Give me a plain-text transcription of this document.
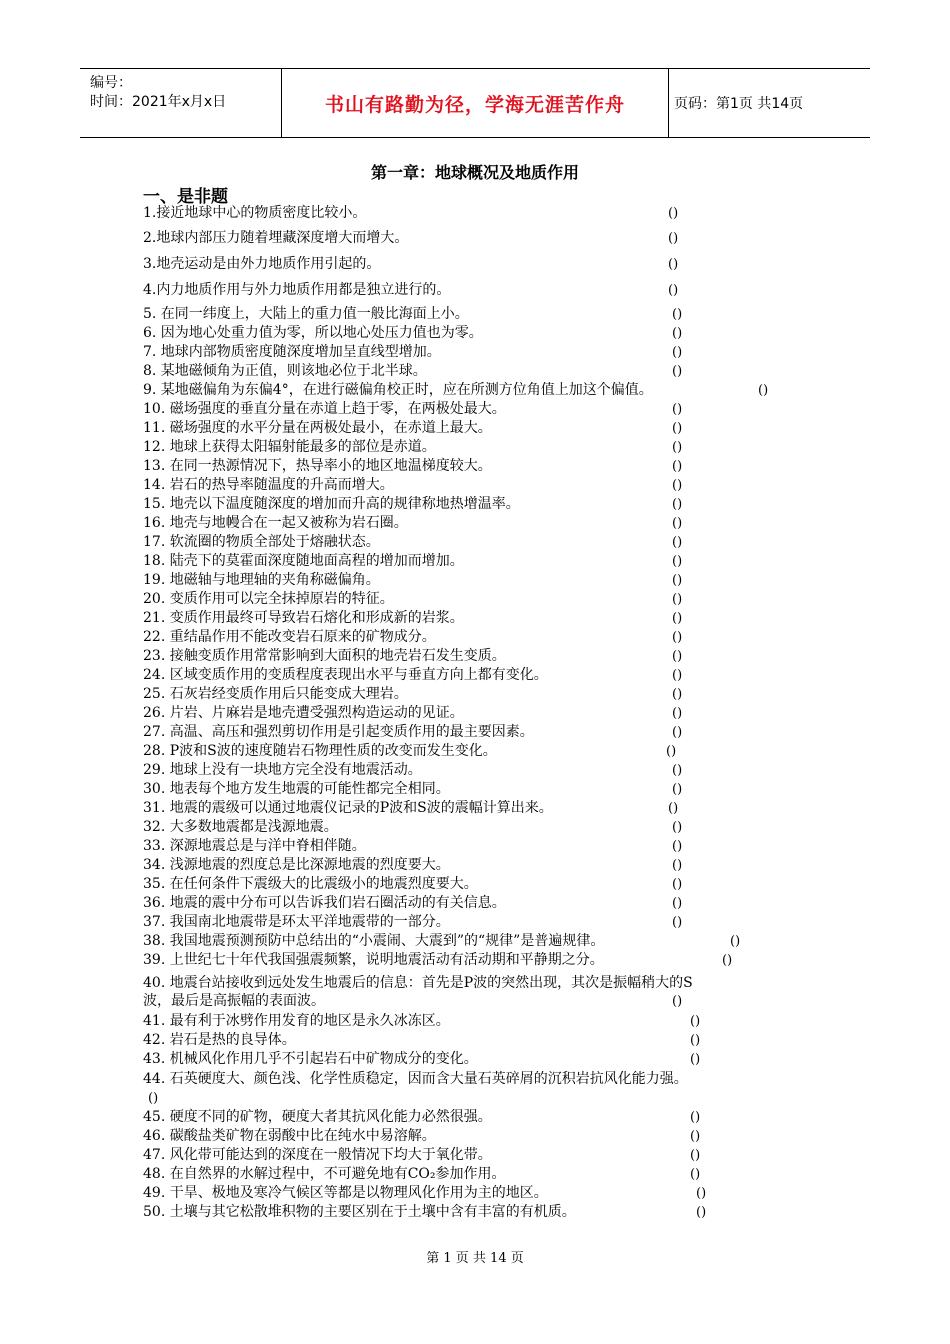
编号：
时间：2021年x月x日	书山有路勤为径，学海无涯苦作舟	页码：第1页 共14页
第一章：地球概况及地质作用
一、是非题
1.接近地球中心的物质密度比较小。	()
2.地球内部压力随着埋藏深度增大而增大。	()
3.地壳运动是由外力地质作用引起的。	()
4.内力地质作用与外力地质作用都是独立进行的。	()
5. 在同一纬度上，大陆上的重力值一般比海面上小。	()
6. 因为地心处重力值为零，所以地心处压力值也为零。	()
7. 地球内部物质密度随深度增加呈直线型增加。	()
8. 某地磁倾角为正值，则该地必位于北半球。	()
9. 某地磁偏角为东偏4°，在进行磁偏角校正时，应在所测方位角值上加这个偏值。	()
10. 磁场强度的垂直分量在赤道上趋于零，在两极处最大。	()
11. 磁场强度的水平分量在两极处最小，在赤道上最大。	()
12. 地球上获得太阳辐射能最多的部位是赤道。	()
13. 在同一热源情况下，热导率小的地区地温梯度较大。	()
14. 岩石的热导率随温度的升高而增大。	()
15. 地壳以下温度随深度的增加而升高的规律称地热增温率。	()
16. 地壳与地幔合在一起又被称为岩石圈。	()
17. 软流圈的物质全部处于熔融状态。	()
18. 陆壳下的莫霍面深度随地面高程的增加而增加。	()
19. 地磁轴与地理轴的夹角称磁偏角。	()
20. 变质作用可以完全抹掉原岩的特征。	()
21. 变质作用最终可导致岩石熔化和形成新的岩浆。	()
22. 重结晶作用不能改变岩石原来的矿物成分。	()
23. 接触变质作用常常影响到大面积的地壳岩石发生变质。	()
24. 区域变质作用的变质程度表现出水平与垂直方向上都有变化。	()
25. 石灰岩经变质作用后只能变成大理岩。	()
26. 片岩、片麻岩是地壳遭受强烈构造运动的见证。	()
27. 高温、高压和强烈剪切作用是引起变质作用的最主要因素。	()
28. P波和S波的速度随岩石物理性质的改变而发生变化。	()
29. 地球上没有一块地方完全没有地震活动。	()
30. 地表每个地方发生地震的可能性都完全相同。	()
31. 地震的震级可以通过地震仪记录的P波和S波的震幅计算出来。	()
32. 大多数地震都是浅源地震。	()
33. 深源地震总是与洋中脊相伴随。	()
34. 浅源地震的烈度总是比深源地震的烈度要大。	()
35. 在任何条件下震级大的比震级小的地震烈度要大。	()
36. 地震的震中分布可以告诉我们岩石圈活动的有关信息。	()
37. 我国南北地震带是环太平洋地震带的一部分。	()
38. 我国地震预测预防中总结出的“小震闹、大震到”的“规律”是普遍规律。	()
39. 上世纪七十年代我国强震频繁，说明地震活动有活动期和平静期之分。	()
40. 地震台站接收到远处发生地震后的信息：首先是P波的突然出现，其次是振幅稍大的S
波，最后是高振幅的表面波。	()
41. 最有利于冰劈作用发育的地区是永久冰冻区。	()
42. 岩石是热的良导体。	()
43. 机械风化作用几乎不引起岩石中矿物成分的变化。	()
44. 石英硬度大、颜色浅、化学性质稳定，因而含大量石英碎屑的沉积岩抗风化能力强。
()
45. 硬度不同的矿物，硬度大者其抗风化能力必然很强。	()
46. 碳酸盐类矿物在弱酸中比在纯水中易溶解。	()
47. 风化带可能达到的深度在一般情况下均大于氧化带。	()
48. 在自然界的水解过程中，不可避免地有CO₂参加作用。	()
49. 干旱、极地及寒冷气候区等都是以物理风化作用为主的地区。	()
50. 土壤与其它松散堆积物的主要区别在于土壤中含有丰富的有机质。	()
第 1 页 共 14 页
